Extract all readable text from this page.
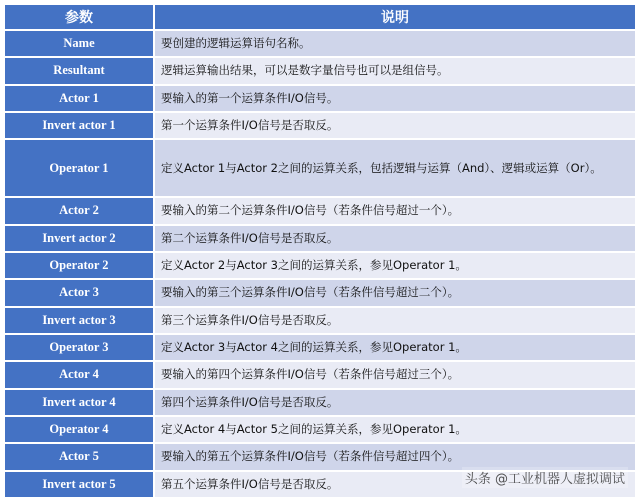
参数	说明
Name	要创建的逻辑运算语句名称。
Resultant	逻辑运算输出结果，可以是数字量信号也可以是组信号。
Actor 1	要输入的第一个运算条件I/O信号。
Invert actor 1	第一个运算条件I/O信号是否取反。
Operator 1	定义Actor 1与Actor 2之间的运算关系，包括逻辑与运算（And）、逻辑或运算（Or）。
Actor 2	要输入的第二个运算条件I/O信号（若条件信号超过一个）。
Invert actor 2	第二个运算条件I/O信号是否取反。
Operator 2	定义Actor 2与Actor 3之间的运算关系，参见Operator 1。
Actor 3	要输入的第三个运算条件I/O信号（若条件信号超过二个）。
Invert actor 3	第三个运算条件I/O信号是否取反。
Operator 3	定义Actor 3与Actor 4之间的运算关系，参见Operator 1。
Actor 4	要输入的第四个运算条件I/O信号（若条件信号超过三个）。
Invert actor 4	第四个运算条件I/O信号是否取反。
Operator 4	定义Actor 4与Actor 5之间的运算关系，参见Operator 1。
Actor 5	要输入的第五个运算条件I/O信号（若条件信号超过四个）。
Invert actor 5	第五个运算条件I/O信号是否取反。	头条 @工业机器人虚拟调试
